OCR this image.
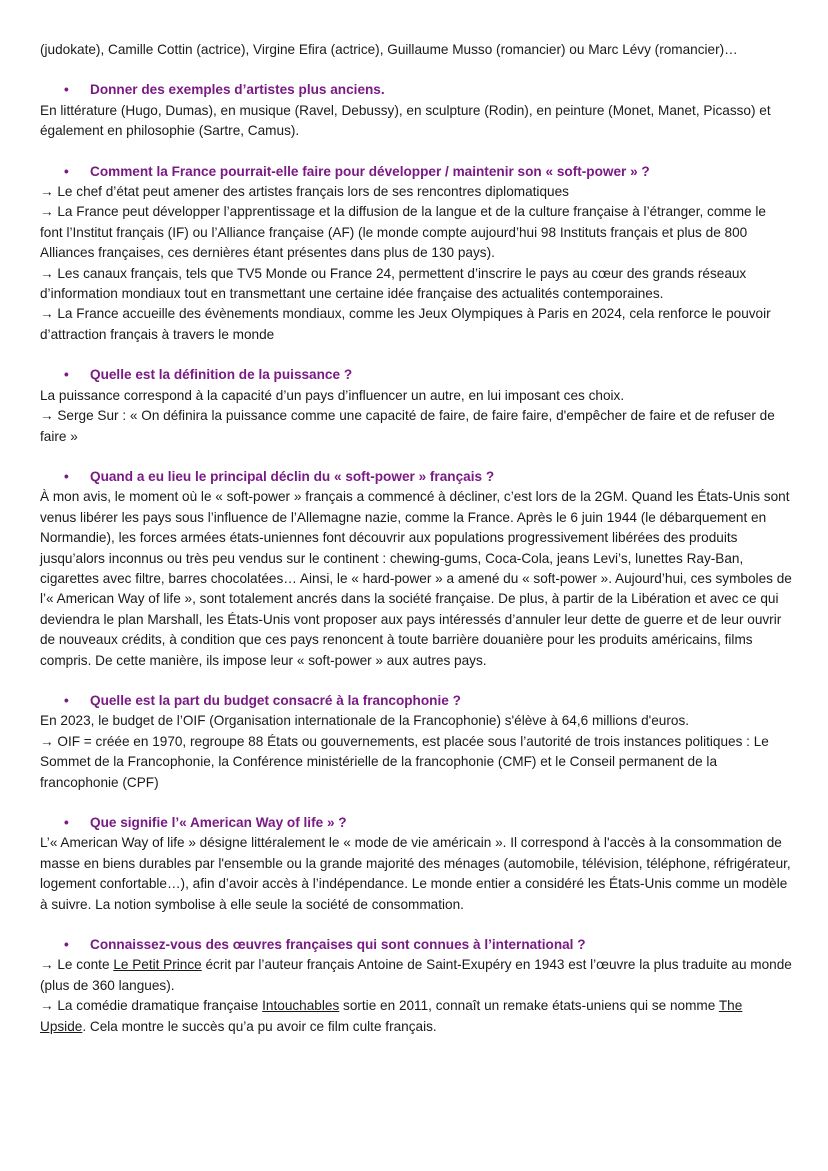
(judokate), Camille Cottin (actrice), Virgine Efira (actrice), Guillaume Musso (romancier) ou Marc Lévy (romancier)…

• Donner des exemples d’artistes plus anciens.

En littérature (Hugo, Dumas), en musique (Ravel, Debussy), en sculpture (Rodin), en peinture (Monet, Manet, Picasso) et également en philosophie (Sartre, Camus).

• Comment la France pourrait-elle faire pour développer / maintenir son « soft-power » ?

→ Le chef d’état peut amener des artistes français lors de ses rencontres diplomatiques

→ La France peut développer l’apprentissage et la diffusion de la langue et de la culture française à l’étranger, comme le font l’Institut français (IF) ou l’Alliance française (AF) (le monde compte aujourd’hui 98 Instituts français et plus de 800 Alliances françaises, ces dernières étant présentes dans plus de 130 pays).

→ Les canaux français, tels que TV5 Monde ou France 24, permettent d’inscrire le pays au cœur des grands réseaux d’information mondiaux tout en transmettant une certaine idée française des actualités contemporaines.

→ La France accueille des évènements mondiaux, comme les Jeux Olympiques à Paris en 2024, cela renforce le pouvoir d’attraction français à travers le monde

• Quelle est la définition de la puissance ?

La puissance correspond à la capacité d’un pays d’influencer un autre, en lui imposant ces choix.

→ Serge Sur : « On définira la puissance comme une capacité de faire, de faire faire, d'empêcher de faire et de refuser de faire »

• Quand a eu lieu le principal déclin du « soft-power » français ?

À mon avis, le moment où le « soft-power » français a commencé à décliner, c’est lors de la 2GM. Quand les États-Unis sont venus libérer les pays sous l’influence de l’Allemagne nazie, comme la France. Après le 6 juin 1944 (le débarquement en Normandie), les forces armées états-uniennes font découvrir aux populations progressivement libérées des produits jusqu’alors inconnus ou très peu vendus sur le continent : chewing-gums, Coca-Cola, jeans Levi’s, lunettes Ray-Ban, cigarettes avec filtre, barres chocolatées… Ainsi, le « hard-power » a amené du « soft-power ». Aujourd’hui, ces symboles de l’« American Way of life », sont totalement ancrés dans la société française. De plus, à partir de la Libération et avec ce qui deviendra le plan Marshall, les États-Unis vont proposer aux pays intéressés d’annuler leur dette de guerre et de leur ouvrir de nouveaux crédits, à condition que ces pays renoncent à toute barrière douanière pour les produits américains, films compris. De cette manière, ils impose leur « soft-power » aux autres pays.

• Quelle est la part du budget consacré à la francophonie ?

En 2023, le budget de l’OIF (Organisation internationale de la Francophonie) s'élève à 64,6 millions d'euros.

→ OIF = créée en 1970, regroupe 88 États ou gouvernements, est placée sous l’autorité de trois instances politiques : Le Sommet de la Francophonie, la Conférence ministérielle de la francophonie (CMF) et le Conseil permanent de la francophonie (CPF)

• Que signifie l’« American Way of life » ?

L’« American Way of life » désigne littéralement le « mode de vie américain ». Il correspond à l'accès à la consommation de masse en biens durables par l'ensemble ou la grande majorité des ménages (automobile, télévision, téléphone, réfrigérateur, logement confortable…), afin d’avoir accès à l’indépendance. Le monde entier a considéré les États-Unis comme un modèle à suivre. La notion symbolise à elle seule la société de consommation.

• Connaissez-vous des œuvres françaises qui sont connues à l’international ?

→ Le conte Le Petit Prince écrit par l’auteur français Antoine de Saint-Exupéry en 1943 est l’œuvre la plus traduite au monde (plus de 360 langues).

→ La comédie dramatique française Intouchables sortie en 2011, connaît un remake états-uniens qui se nomme The Upside. Cela montre le succès qu’a pu avoir ce film culte français.
